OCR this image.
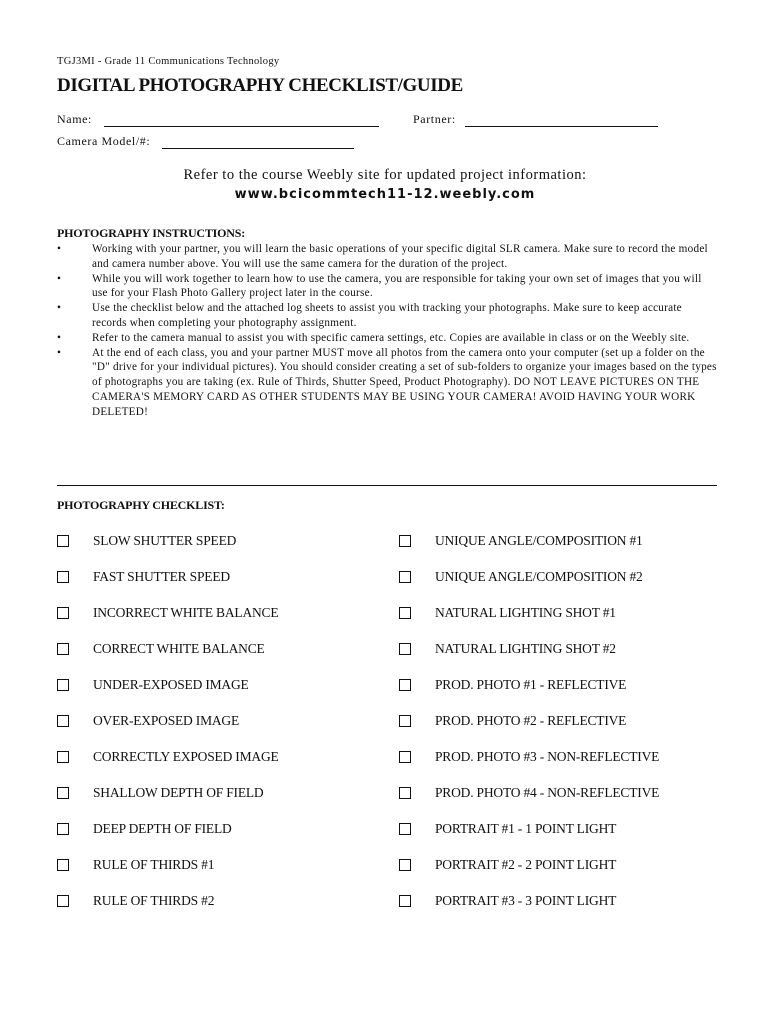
TGJ3MI - Grade 11 Communications Technology
DIGITAL PHOTOGRAPHY CHECKLIST/GUIDE
Name:	Partner:
Camera Model/#:
Refer to the course Weebly site for updated project information:
www.bcicommtech11-12.weebly.com
PHOTOGRAPHY INSTRUCTIONS:
•	Working with your partner, you will learn the basic operations of your specific digital SLR camera. Make sure to record the model and camera number above. You will use the same camera for the duration of the project.
•	While you will work together to learn how to use the camera, you are responsible for taking your own set of images that you will use for your Flash Photo Gallery project later in the course.
•	Use the checklist below and the attached log sheets to assist you with tracking your photographs. Make sure to keep accurate records when completing your photography assignment.
•	Refer to the camera manual to assist you with specific camera settings, etc. Copies are available in class or on the Weebly site.
•	At the end of each class, you and your partner MUST move all photos from the camera onto your computer (set up a folder on the "D" drive for your individual pictures). You should consider creating a set of sub-folders to organize your images based on the types of photographs you are taking (ex. Rule of Thirds, Shutter Speed, Product Photography). DO NOT LEAVE PICTURES ON THE CAMERA'S MEMORY CARD AS OTHER STUDENTS MAY BE USING YOUR CAMERA! AVOID HAVING YOUR WORK DELETED!
PHOTOGRAPHY CHECKLIST:
SLOW SHUTTER SPEED
FAST SHUTTER SPEED
INCORRECT WHITE BALANCE
CORRECT WHITE BALANCE
UNDER-EXPOSED IMAGE
OVER-EXPOSED IMAGE
CORRECTLY EXPOSED IMAGE
SHALLOW DEPTH OF FIELD
DEEP DEPTH OF FIELD
RULE OF THIRDS #1
RULE OF THIRDS #2
UNIQUE ANGLE/COMPOSITION #1
UNIQUE ANGLE/COMPOSITION #2
NATURAL LIGHTING SHOT #1
NATURAL LIGHTING SHOT #2
PROD. PHOTO #1 - REFLECTIVE
PROD. PHOTO #2 - REFLECTIVE
PROD. PHOTO #3 - NON-REFLECTIVE
PROD. PHOTO #4 - NON-REFLECTIVE
PORTRAIT #1 - 1 POINT LIGHT
PORTRAIT #2 - 2 POINT LIGHT
PORTRAIT #3 - 3 POINT LIGHT
